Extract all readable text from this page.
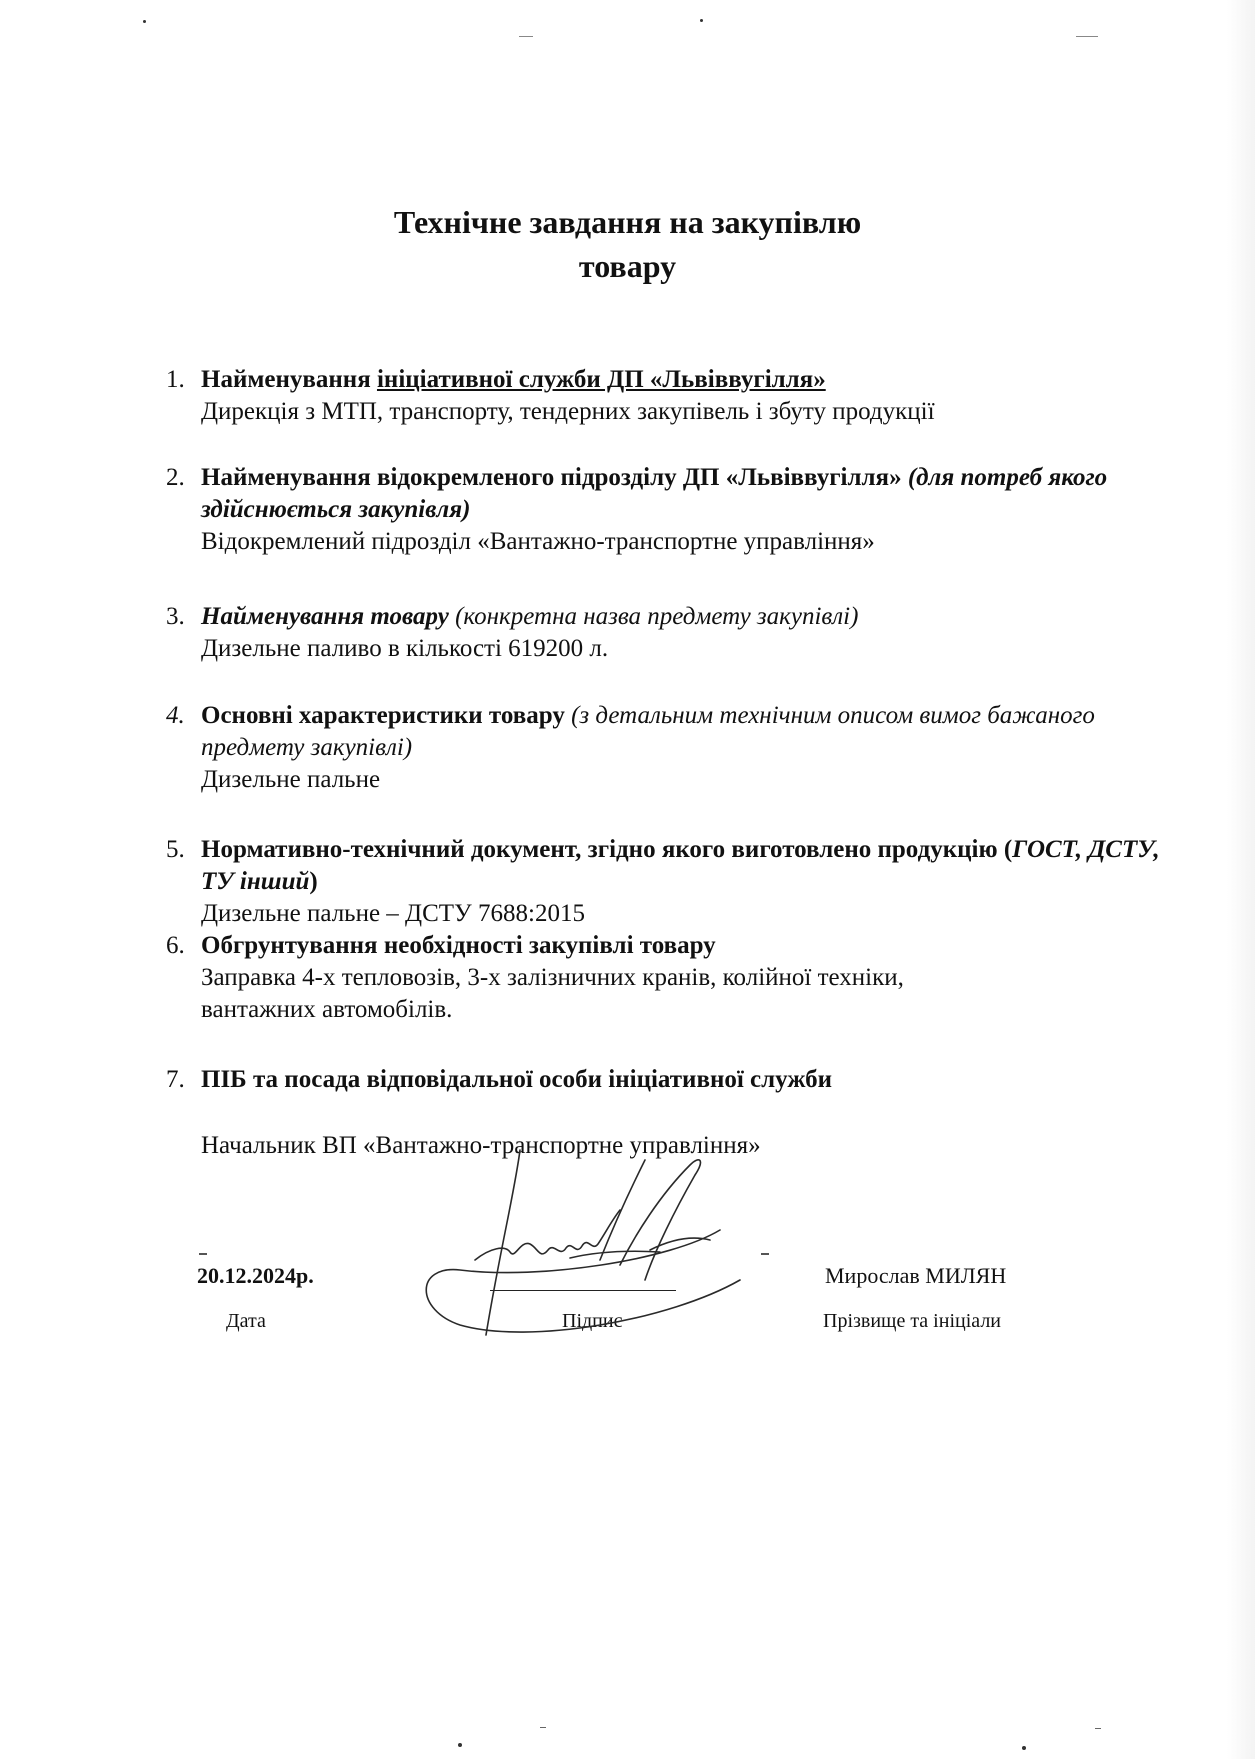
Технічне завдання на закупівлю
товару
1. Найменування ініціативної служби ДП «Львіввугілля»
Дирекція з МТП, транспорту, тендерних закупівель і збуту продукції
2. Найменування відокремленого підрозділу ДП «Львіввугілля» (для потреб якого здійснюється закупівля)
Відокремлений підрозділ «Вантажно-транспортне управління»
3. Найменування товару (конкретна назва предмету закупівлі)
Дизельне паливо в кількості 619200 л.
4. Основні характеристики товару (з детальним технічним описом вимог бажаного предмету закупівлі)
Дизельне пальне
5. Нормативно-технічний документ, згідно якого виготовлено продукцію (ГОСТ, ДСТУ, ТУ інший)
Дизельне пальне – ДСТУ 7688:2015
6. Обгрунтування необхідності закупівлі товару
Заправка 4-х тепловозів, 3-х залізничних кранів, колійної техніки, вантажних автомобілів.
7. ПІБ та посада відповідальної особи ініціативної служби
Начальник ВП «Вантажно-транспортне управління»
20.12.2024р.	Мирослав МИЛЯН
Дата	Підпис	Прізвище та ініціали
